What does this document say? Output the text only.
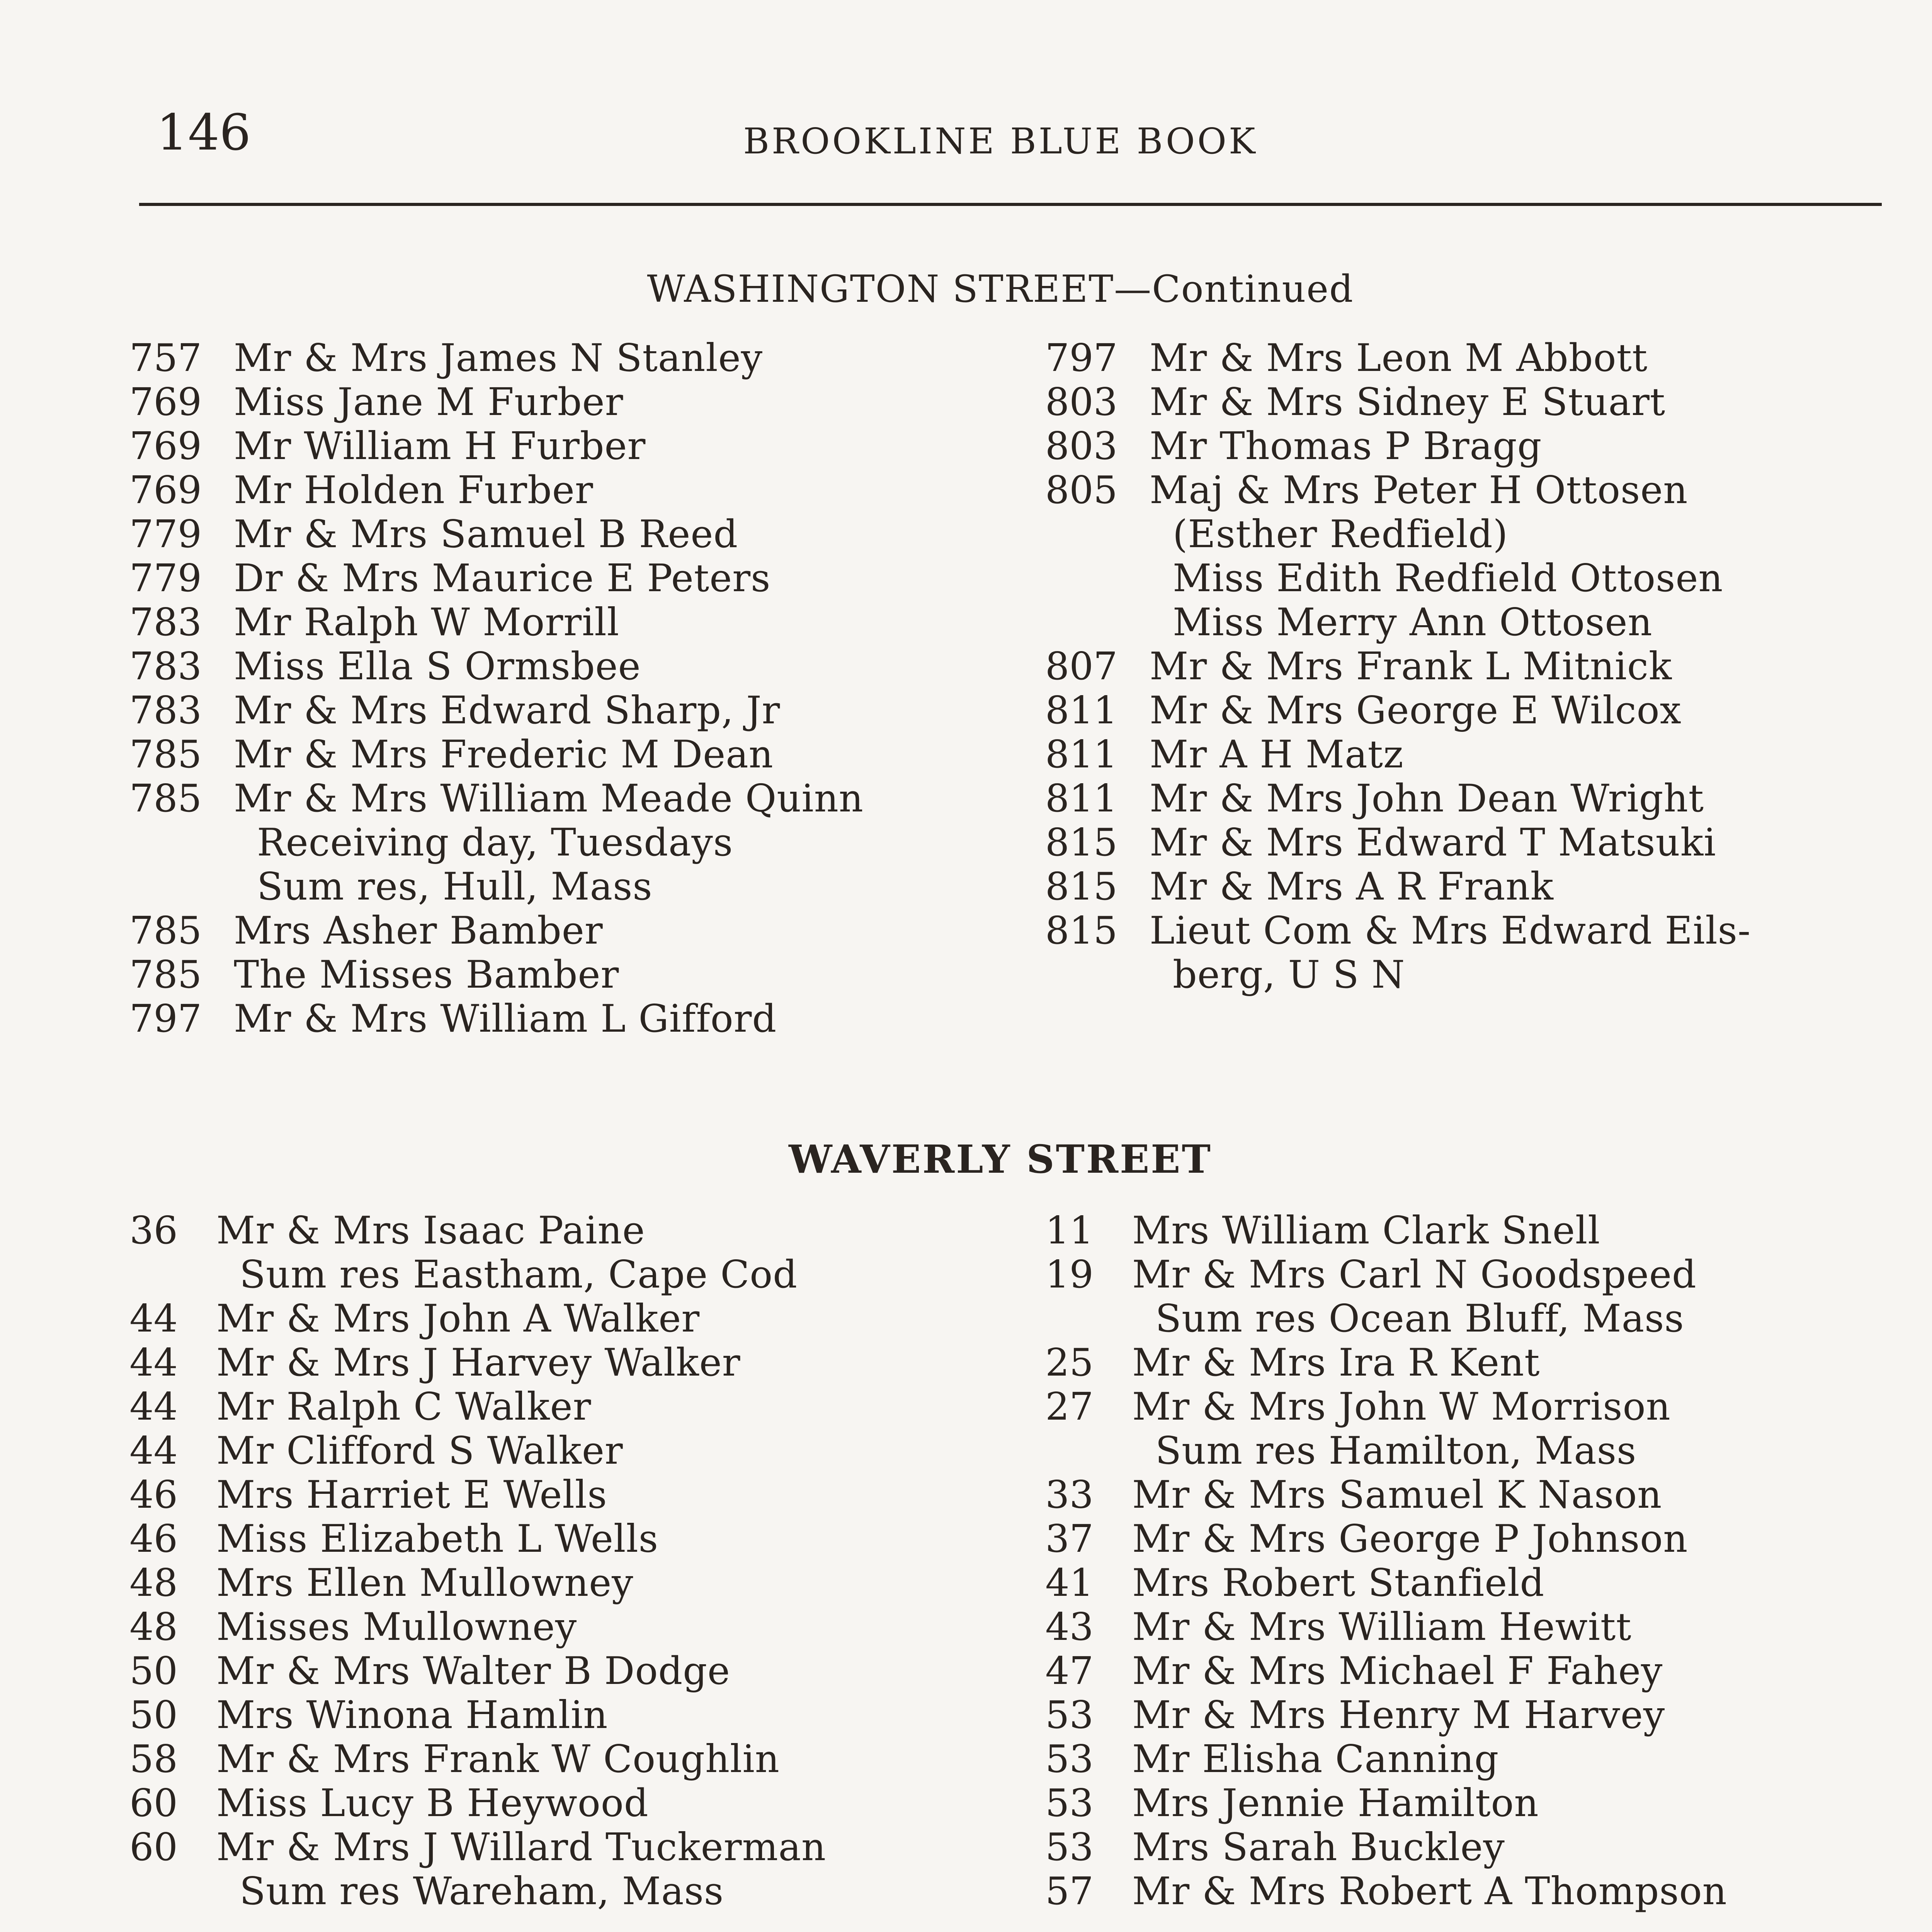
146	BROOKLINE BLUE BOOK
WASHINGTON STREET—Continued
757 Mr & Mrs James N Stanley
769 Miss Jane M Furber
769 Mr William H Furber
769 Mr Holden Furber
779 Mr & Mrs Samuel B Reed
779 Dr & Mrs Maurice E Peters
783 Mr Ralph W Morrill
783 Miss Ella S Ormsbee
783 Mr & Mrs Edward Sharp, Jr
785 Mr & Mrs Frederic M Dean
785 Mr & Mrs William Meade Quinn
Receiving day, Tuesdays
Sum res, Hull, Mass
785 Mrs Asher Bamber
785 The Misses Bamber
797 Mr & Mrs William L Gifford
797 Mr & Mrs Leon M Abbott
803 Mr & Mrs Sidney E Stuart
803 Mr Thomas P Bragg
805 Maj & Mrs Peter H Ottosen
(Esther Redfield)
Miss Edith Redfield Ottosen
Miss Merry Ann Ottosen
807 Mr & Mrs Frank L Mitnick
811 Mr & Mrs George E Wilcox
811 Mr A H Matz
811 Mr & Mrs John Dean Wright
815 Mr & Mrs Edward T Matsuki
815 Mr & Mrs A R Frank
815 Lieut Com & Mrs Edward Eils-
berg, U S N
WAVERLY STREET
36 Mr & Mrs Isaac Paine
Sum res Eastham, Cape Cod
44 Mr & Mrs John A Walker
44 Mr & Mrs J Harvey Walker
44 Mr Ralph C Walker
44 Mr Clifford S Walker
46 Mrs Harriet E Wells
46 Miss Elizabeth L Wells
48 Mrs Ellen Mullowney
48 Misses Mullowney
50 Mr & Mrs Walter B Dodge
50 Mrs Winona Hamlin
58 Mr & Mrs Frank W Coughlin
60 Miss Lucy B Heywood
60 Mr & Mrs J Willard Tuckerman
Sum res Wareham, Mass
11 Mrs William Clark Snell
19 Mr & Mrs Carl N Goodspeed
Sum res Ocean Bluff, Mass
25 Mr & Mrs Ira R Kent
27 Mr & Mrs John W Morrison
Sum res Hamilton, Mass
33 Mr & Mrs Samuel K Nason
37 Mr & Mrs George P Johnson
41 Mrs Robert Stanfield
43 Mr & Mrs William Hewitt
47 Mr & Mrs Michael F Fahey
53 Mr & Mrs Henry M Harvey
53 Mr Elisha Canning
53 Mrs Jennie Hamilton
53 Mrs Sarah Buckley
57 Mr & Mrs Robert A Thompson
